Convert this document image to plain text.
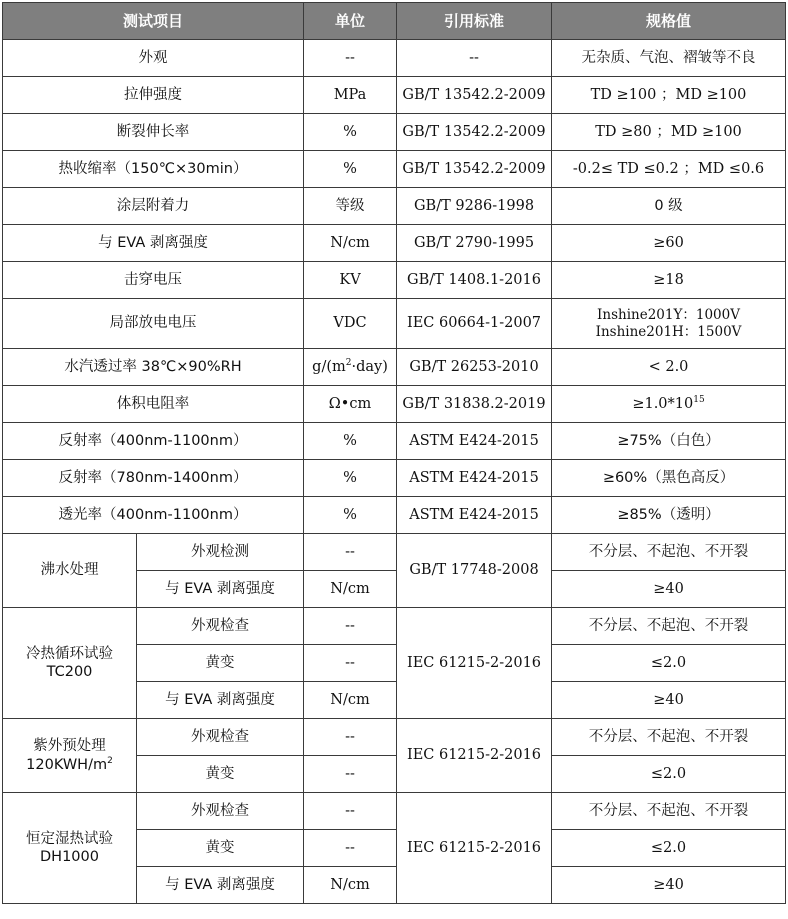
测试项目		单位	引用标准	规格值
外观		--	--	无杂质、气泡、褶皱等不良
拉伸强度		MPa	GB/T 13542.2-2009	TD ≥100 ；MD ≥100
断裂伸长率		%	GB/T 13542.2-2009	TD ≥80 ；MD ≥100
热收缩率（150℃×30min）		%	GB/T 13542.2-2009	-0.2≤ TD ≤0.2 ；MD ≤0.6
涂层附着力		等级	GB/T 9286-1998	0 级
与 EVA 剥离强度		N/cm	GB/T 2790-1995	≥60
击穿电压		KV	GB/T 1408.1-2016	≥18
局部放电电压		VDC	IEC 60664-1-2007	Inshine201Y：1000V
Inshine201H：1500V

水汽透过率 38℃×90%RH		$g/(m^2\cdot day)$	GB/T 26253-2010	< 2.0
体积电阻率		Ω•cm	GB/T 31838.2-2019	$\ge 1.0*10^{15}$
反射率（400nm-1100nm）		%	ASTM E424-2015	≥75%（白色）
反射率（780nm-1400nm）		%	ASTM E424-2015	≥60%（黑色高反）
透光率（400nm-1100nm）		%	ASTM E424-2015	≥85%（透明）
沸水处理	外观检测	--	GB/T 17748-2008	不分层、不起泡、不开裂
	与 EVA 剥离强度	N/cm		≥40

冷热循环试验
TC200	外观检查	--	IEC 61215-2-2016	不分层、不起泡、不开裂
	黄变	--		≤2.0
	与 EVA 剥离强度	N/cm		≥40

紫外预处理
$120KWH/m^2$	外观检查	--	IEC 61215-2-2016	不分层、不起泡、不开裂
	黄变	--		≤2.0

恒定湿热试验
DH1000	外观检查	--	IEC 61215-2-2016	不分层、不起泡、不开裂
	黄变	--		≤2.0
	与 EVA 剥离强度	N/cm		≥40
